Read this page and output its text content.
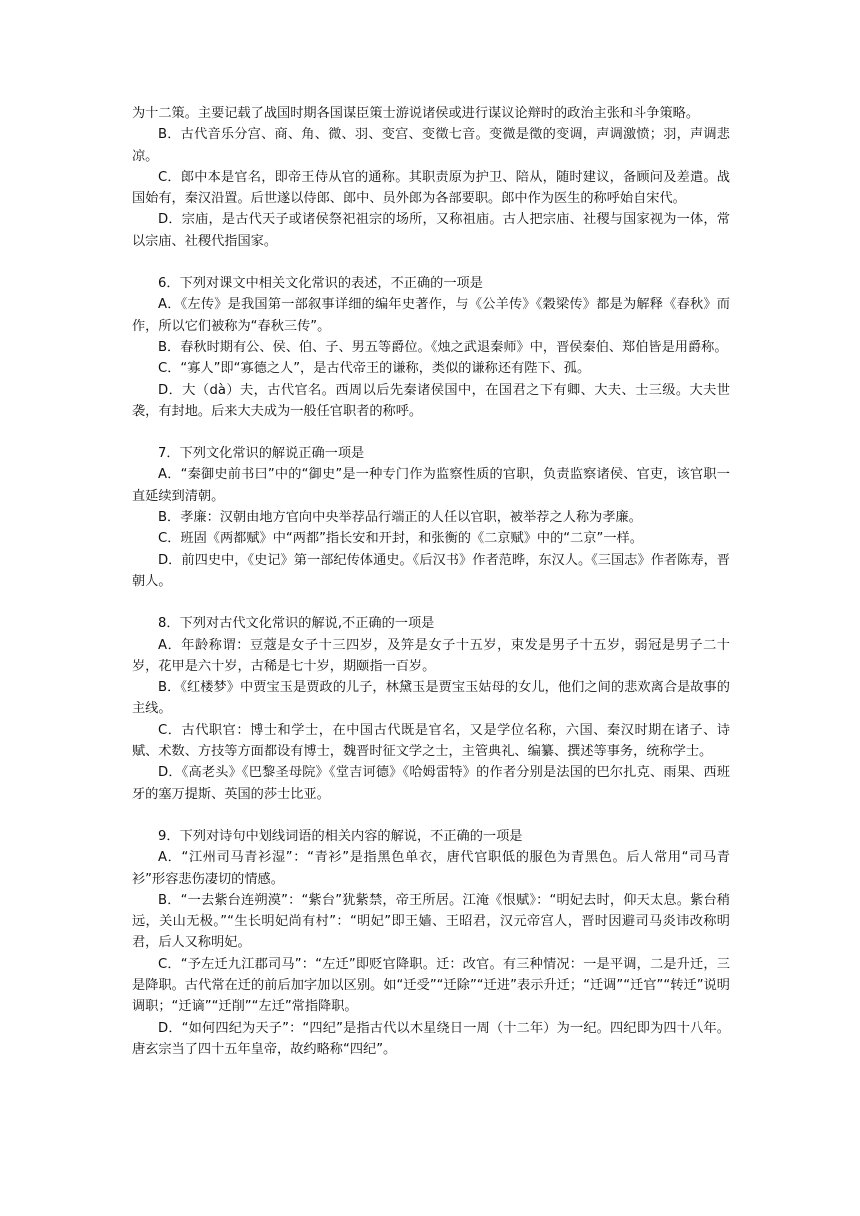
为十二策。主要记载了战国时期各国谋臣策士游说诸侯或进行谋议论辩时的政治主张和斗争策略。

B．古代音乐分宫、商、角、微、羽、变宫、变徵七音。变微是徵的变调，声调激愤；羽，声调悲凉。

C．郎中本是官名，即帝王侍从官的通称。其职责原为护卫、陪从，随时建议，备顾问及差遣。战国始有，秦汉沿置。后世遂以侍郎、郎中、员外郎为各部要职。郎中作为医生的称呼始自宋代。

D．宗庙，是古代天子或诸侯祭祀祖宗的场所，又称祖庙。古人把宗庙、社稷与国家视为一体，常以宗庙、社稷代指国家。

6．下列对课文中相关文化常识的表述，不正确的一项是

A．《左传》是我国第一部叙事详细的编年史著作，与《公羊传》《穀梁传》都是为解释《春秋》而作，所以它们被称为“春秋三传”。

B．春秋时期有公、侯、伯、子、男五等爵位。《烛之武退秦师》中，晋侯秦伯、郑伯皆是用爵称。

C．“寡人”即“寡德之人”，是古代帝王的谦称，类似的谦称还有陛下、孤。

D．大（dà）夫，古代官名。西周以后先秦诸侯国中，在国君之下有卿、大夫、士三级。大夫世袭，有封地。后来大夫成为一般任官职者的称呼。

7．下列文化常识的解说正确一项是

A．“秦御史前书曰”中的“御史”是一种专门作为监察性质的官职，负责监察诸侯、官吏，该官职一直延续到清朝。

B．孝廉：汉朝由地方官向中央举荐品行端正的人任以官职，被举荐之人称为孝廉。

C．班固《两都赋》中“两都”指长安和开封，和张衡的《二京赋》中的“二京”一样。

D．前四史中，《史记》第一部纪传体通史。《后汉书》作者范晔，东汉人。《三国志》作者陈寿，晋朝人。

8．下列对古代文化常识的解说,不正确的一项是

A．年龄称谓：豆蔻是女子十三四岁，及笄是女子十五岁，束发是男子十五岁，弱冠是男子二十岁，花甲是六十岁，古稀是七十岁，期颐指一百岁。

B．《红楼梦》中贾宝玉是贾政的儿子，林黛玉是贾宝玉姑母的女儿，他们之间的悲欢离合是故事的主线。

C．古代职官：博士和学士，在中国古代既是官名，又是学位名称，六国、秦汉时期在诸子、诗赋、术数、方技等方面都设有博士，魏晋时征文学之士，主管典礼、编纂、撰述等事务，统称学士。

D．《高老头》《巴黎圣母院》《堂吉诃德》《哈姆雷特》的作者分别是法国的巴尔扎克、雨果、西班牙的塞万提斯、英国的莎士比亚。

9．下列对诗句中划线词语的相关内容的解说，不正确的一项是

A．“江州司马青衫湿”：“青衫”是指黑色单衣，唐代官职低的服色为青黑色。后人常用“司马青衫”形容悲伤凄切的情感。

B．“一去紫台连朔漠”：“紫台”犹紫禁，帝王所居。江淹《恨赋》：“明妃去时，仰天太息。紫台稍远，关山无极。”“生长明妃尚有村”：“明妃”即王嫱、王昭君，汉元帝宫人，晋时因避司马炎讳改称明君，后人又称明妃。

C．“予左迁九江郡司马”：“左迁”即贬官降职。迁：改官。有三种情况：一是平调，二是升迁，三是降职。古代常在迁的前后加字加以区别。如“迁受”“迁除”“迁进”表示升迁；“迁调”“迁官”“转迁”说明调职；“迁谪”“迁削”“左迁”常指降职。

D．“如何四纪为天子”：“四纪”是指古代以木星绕日一周（十二年）为一纪。四纪即为四十八年。唐玄宗当了四十五年皇帝，故约略称“四纪”。
